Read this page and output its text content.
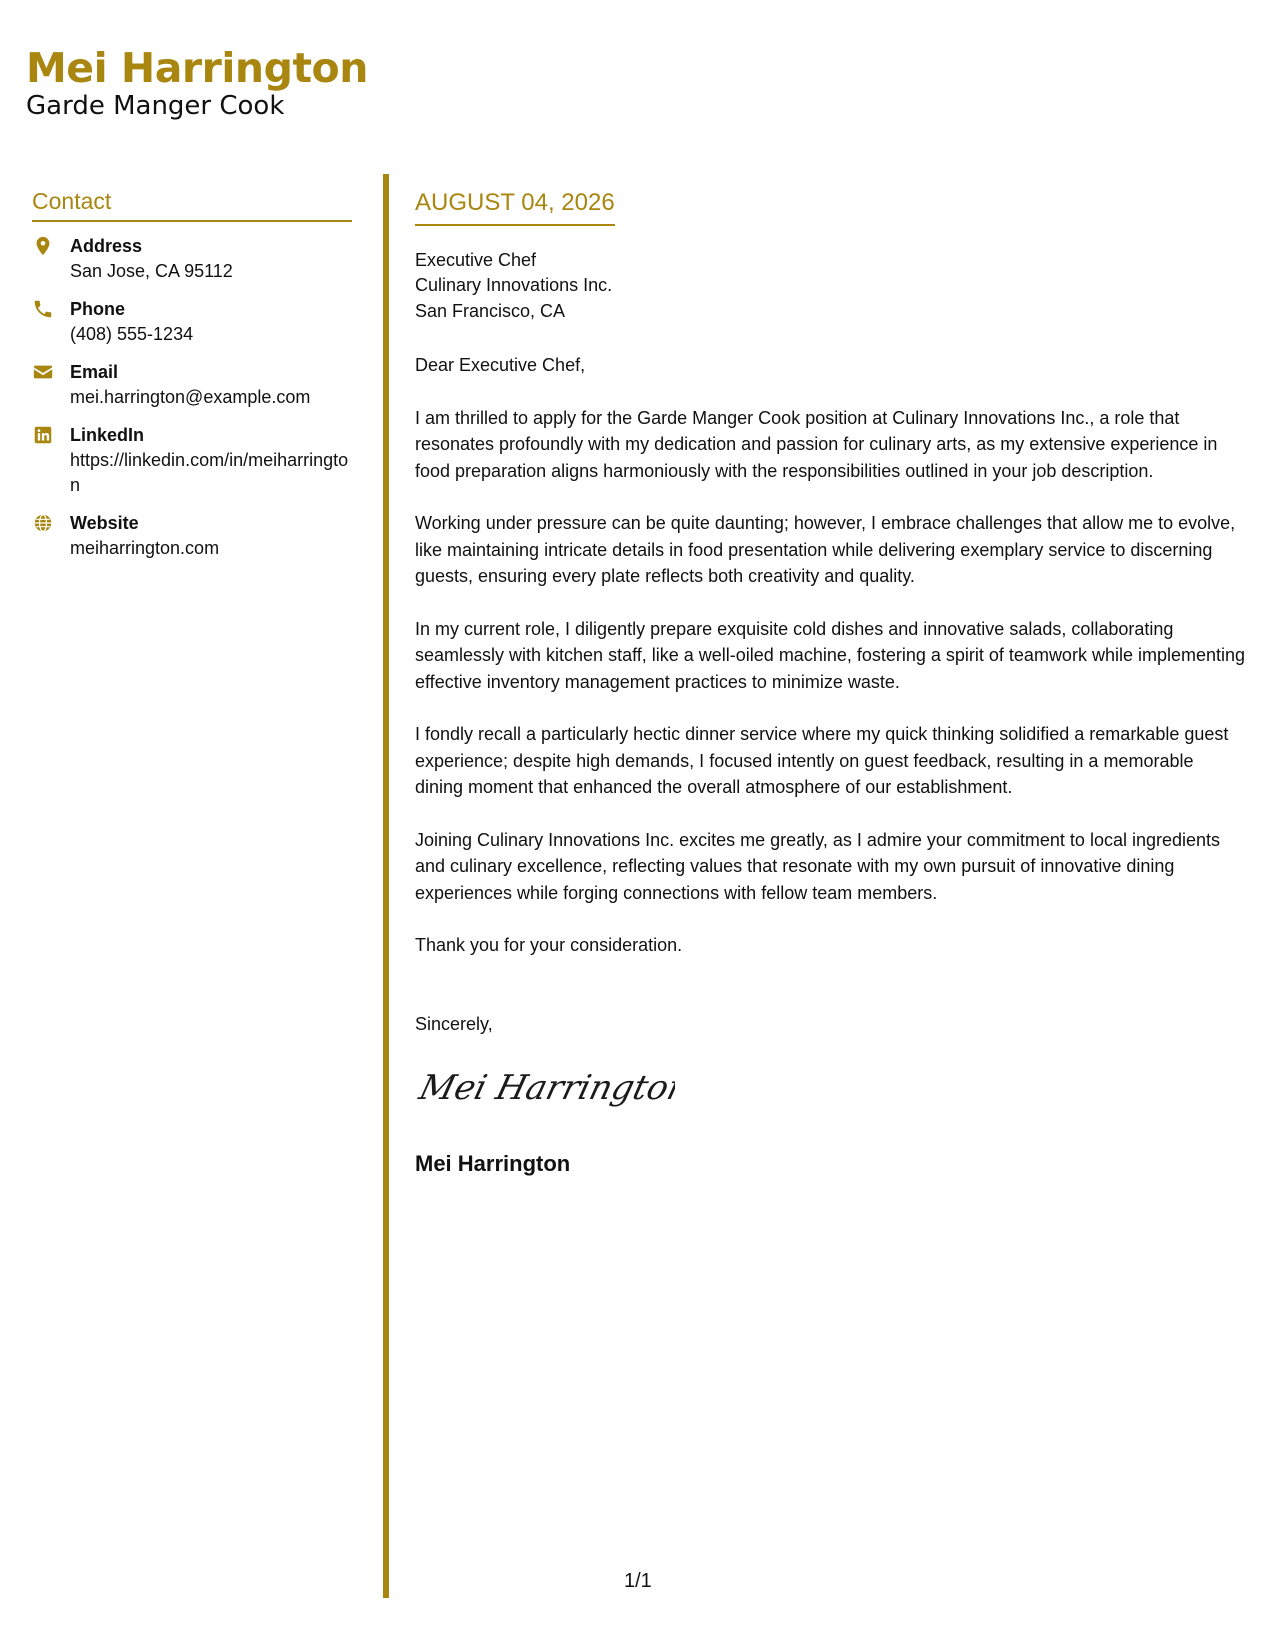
Mei Harrington
Garde Manger Cook
Contact
Address
San Jose, CA 95112
Phone
(408) 555-1234
Email
mei.harrington@example.com
LinkedIn
https://linkedin.com/in/meiharrington
Website
meiharrington.com
AUGUST 04, 2026
Executive Chef
Culinary Innovations Inc.
San Francisco, CA
Dear Executive Chef,
I am thrilled to apply for the Garde Manger Cook position at Culinary Innovations Inc., a role that resonates profoundly with my dedication and passion for culinary arts, as my extensive experience in food preparation aligns harmoniously with the responsibilities outlined in your job description.
Working under pressure can be quite daunting; however, I embrace challenges that allow me to evolve, like maintaining intricate details in food presentation while delivering exemplary service to discerning guests, ensuring every plate reflects both creativity and quality.
In my current role, I diligently prepare exquisite cold dishes and innovative salads, collaborating seamlessly with kitchen staff, like a well-oiled machine, fostering a spirit of teamwork while implementing effective inventory management practices to minimize waste.
I fondly recall a particularly hectic dinner service where my quick thinking solidified a remarkable guest experience; despite high demands, I focused intently on guest feedback, resulting in a memorable dining moment that enhanced the overall atmosphere of our establishment.
Joining Culinary Innovations Inc. excites me greatly, as I admire your commitment to local ingredients and culinary excellence, reflecting values that resonate with my own pursuit of innovative dining experiences while forging connections with fellow team members.
Thank you for your consideration.
Sincerely,
Mei Harrington
Mei Harrington
1/1
